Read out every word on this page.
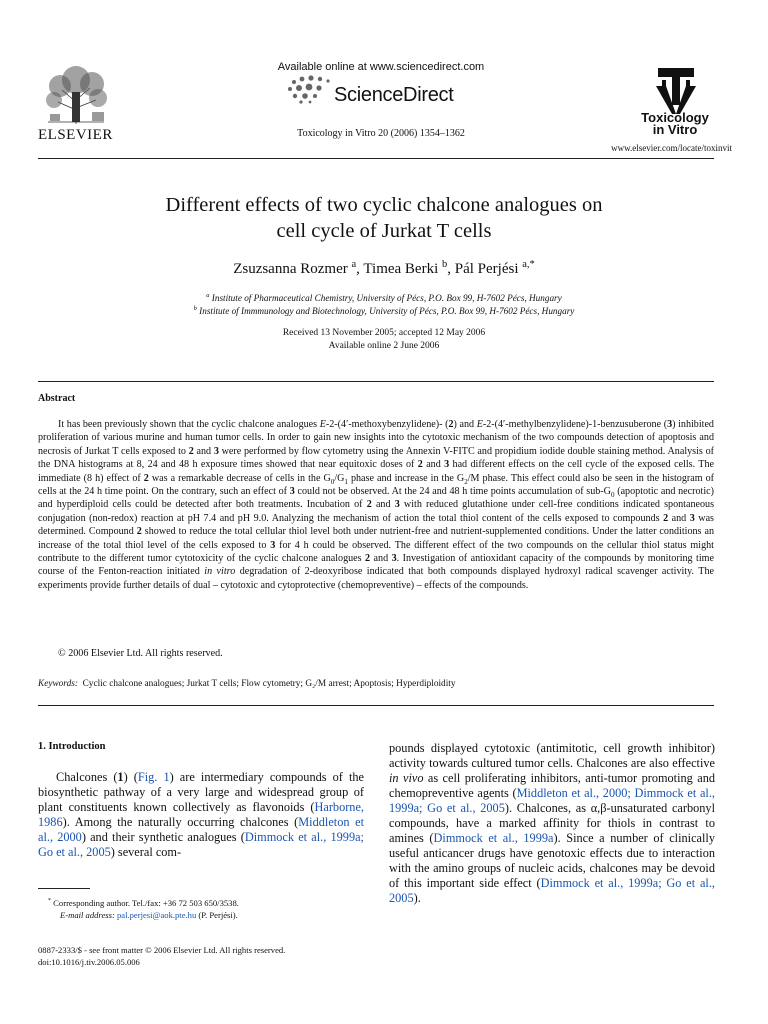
ELSEVIER
Available online at www.sciencedirect.com
ScienceDirect
Toxicology in Vitro 20 (2006) 1354–1362
Toxicology
in Vitro
www.elsevier.com/locate/toxinvit
Different effects of two cyclic chalcone analogues on
cell cycle of Jurkat T cells
Zsuzsanna Rozmer $^a$, Timea Berki $^b$, Pál Perjési $^{a,*}$
$^a$ Institute of Pharmaceutical Chemistry, University of Pécs, P.O. Box 99, H-7602 Pécs, Hungary
$^b$ Institute of Immmunology and Biotechnology, University of Pécs, P.O. Box 99, H-7602 Pécs, Hungary
Received 13 November 2005; accepted 12 May 2006
Available online 2 June 2006
Abstract
It has been previously shown that the cyclic chalcone analogues E-2-(4′-methoxybenzylidene)- (2) and E-2-(4′-methylbenzylidene)-1-benzusuberone (3) inhibited proliferation of various murine and human tumor cells. In order to gain new insights into the cytotoxic mechanism of the two compounds detection of apoptosis and necrosis of Jurkat T cells exposed to 2 and 3 were performed by flow cytometry using the Annexin V-FITC and propidium iodide double staining method. Analysis of the DNA histograms at 8, 24 and 48 h exposure times showed that near equitoxic doses of 2 and 3 had different effects on the cell cycle of the exposed cells. The immediate (8 h) effect of 2 was a remarkable decrease of cells in the $G_0/G_1$ phase and increase in the $G_2/M$ phase. This effect could also be seen in the histogram of cells at the 24 h time point. On the contrary, such an effect of 3 could not be observed. At the 24 and 48 h time points accumulation of sub-$G_0$ (apoptotic and necrotic) and hyperdiploid cells could be detected after both treatments. Incubation of 2 and 3 with reduced glutathione under cell-free conditions indicated spontaneous conjugation (non-redox) reaction at pH 7.4 and pH 9.0. Analyzing the mechanism of action the total thiol content of the cells exposed to compounds 2 and 3 was determined. Compound 2 showed to reduce the total cellular thiol level both under nutrient-free and nutrient-supplemented conditions. Under the latter conditions an increase of the total thiol level of the cells exposed to 3 for 4 h could be observed. The different effect of the two compounds on the cellular thiol status might contribute to the different tumor cytotoxicity of the cyclic chalcone analogues 2 and 3. Investigation of antioxidant capacity of the compounds by monitoring time course of the Fenton-reaction initiated in vitro degradation of 2-deoxyribose indicated that both compounds displayed hydroxyl radical scavenger activity. The experiments provide further details of dual – cytotoxic and cytoprotective (chemopreventive) – effects of the compounds.
© 2006 Elsevier Ltd. All rights reserved.
Keywords: Cyclic chalcone analogues; Jurkat T cells; Flow cytometry; G₂/M arrest; Apoptosis; Hyperdiploidity
1. Introduction
Chalcones (1) (Fig. 1) are intermediary compounds of the biosynthetic pathway of a very large and widespread group of plant constituents known collectively as flavonoids (Harborne, 1986). Among the naturally occurring chalcones (Middleton et al., 2000) and their synthetic analogues (Dimmock et al., 1999a; Go et al., 2005) several com-
pounds displayed cytotoxic (antimitotic, cell growth inhibitor) activity towards cultured tumor cells. Chalcones are also effective in vivo as cell proliferating inhibitors, anti-tumor promoting and chemopreventive agents (Middleton et al., 2000; Dimmock et al., 1999a; Go et al., 2005). Chalcones, as α,β-unsaturated carbonyl compounds, have a marked affinity for thiols in contrast to amines (Dimmock et al., 1999a). Since a number of clinically useful anticancer drugs have genotoxic effects due to interaction with the amino groups of nucleic acids, chalcones may be devoid of this important side effect (Dimmock et al., 1999a; Go et al., 2005).
* Corresponding author. Tel./fax: +36 72 503 650/3538.
E-mail address: pal.perjesi@aok.pte.hu (P. Perjési).
0887-2333/$ - see front matter © 2006 Elsevier Ltd. All rights reserved.
doi:10.1016/j.tiv.2006.05.006
